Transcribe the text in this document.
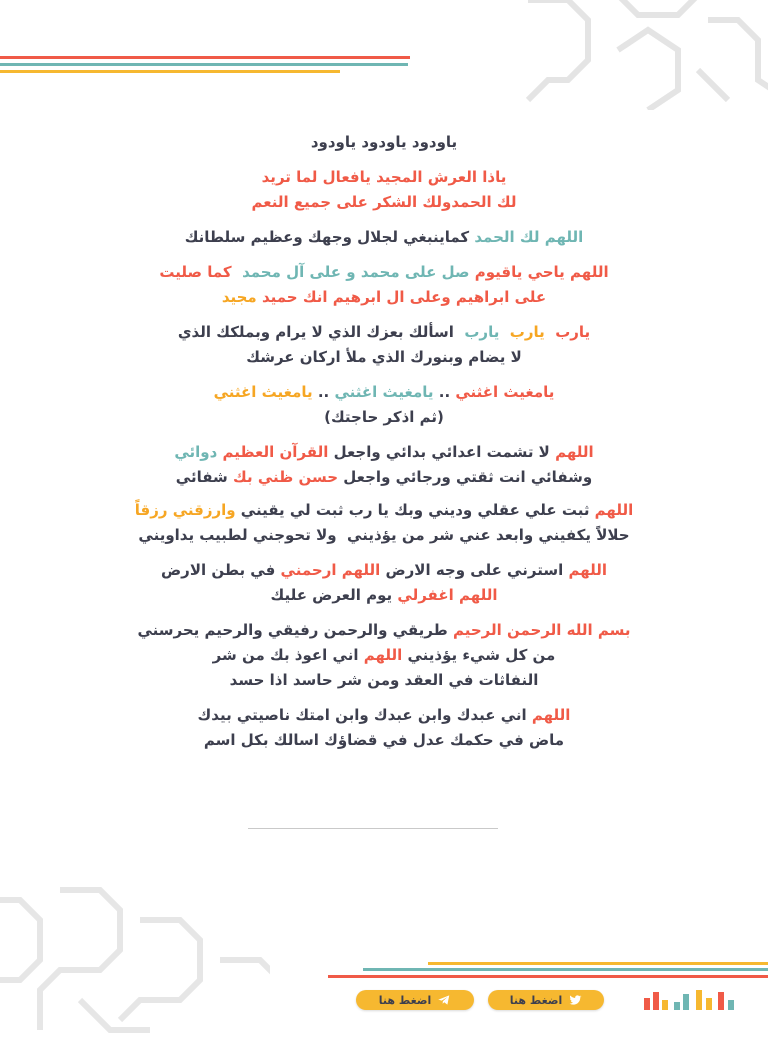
ياودود ياودود ياودود
ياذا العرش المجيد يافعال لما تريد
لك الحمدولك الشكر على جميع النعم
اللهم لك الحمد كماينبغي لجلال وجهك وعظيم سلطانك
اللهم ياحي ياقيوم صل على محمد و على آل محمد  كما صليت
على ابراهيم وعلى ال ابرهيم انك حميد مجيد
يارب  يارب  يارب  اسألك بعزك الذي لا يرام وبملكك الذي
لا يضام وبنورك الذي ملأ اركان عرشك
يامغيث اغثني .. يامغيث اغثني .. يامغيث اغثني
(ثم اذكر حاجتك)
اللهم لا تشمت اعدائي بدائي واجعل القرآن العظيم دوائي
وشفائي انت ثقتي ورجائي واجعل حسن ظني بك شفائي
اللهم ثبت علي عقلي وديني وبك يا رب ثبت لي يقيني وارزقني رزقاً
حلالاً يكفيني وابعد عني شر من يؤذيني  ولا تحوجني لطبيب يداويني
اللهم استرني على وجه الارض اللهم ارحمني في بطن الارض
اللهم اغفرلي يوم العرض عليك
بسم الله الرحمن الرحيم طريقي والرحمن رفيقي والرحيم يحرسني
من كل شيء يؤذيني اللهم اني اعوذ بك من شر
النفاثات في العقد ومن شر حاسد اذا حسد
اللهم اني عبدك وابن عبدك وابن امتك ناصيتي بيدك
ماض في حكمك عدل في قضاؤك اسالك بكل اسم
اضغط هنا
اضغط هنا
